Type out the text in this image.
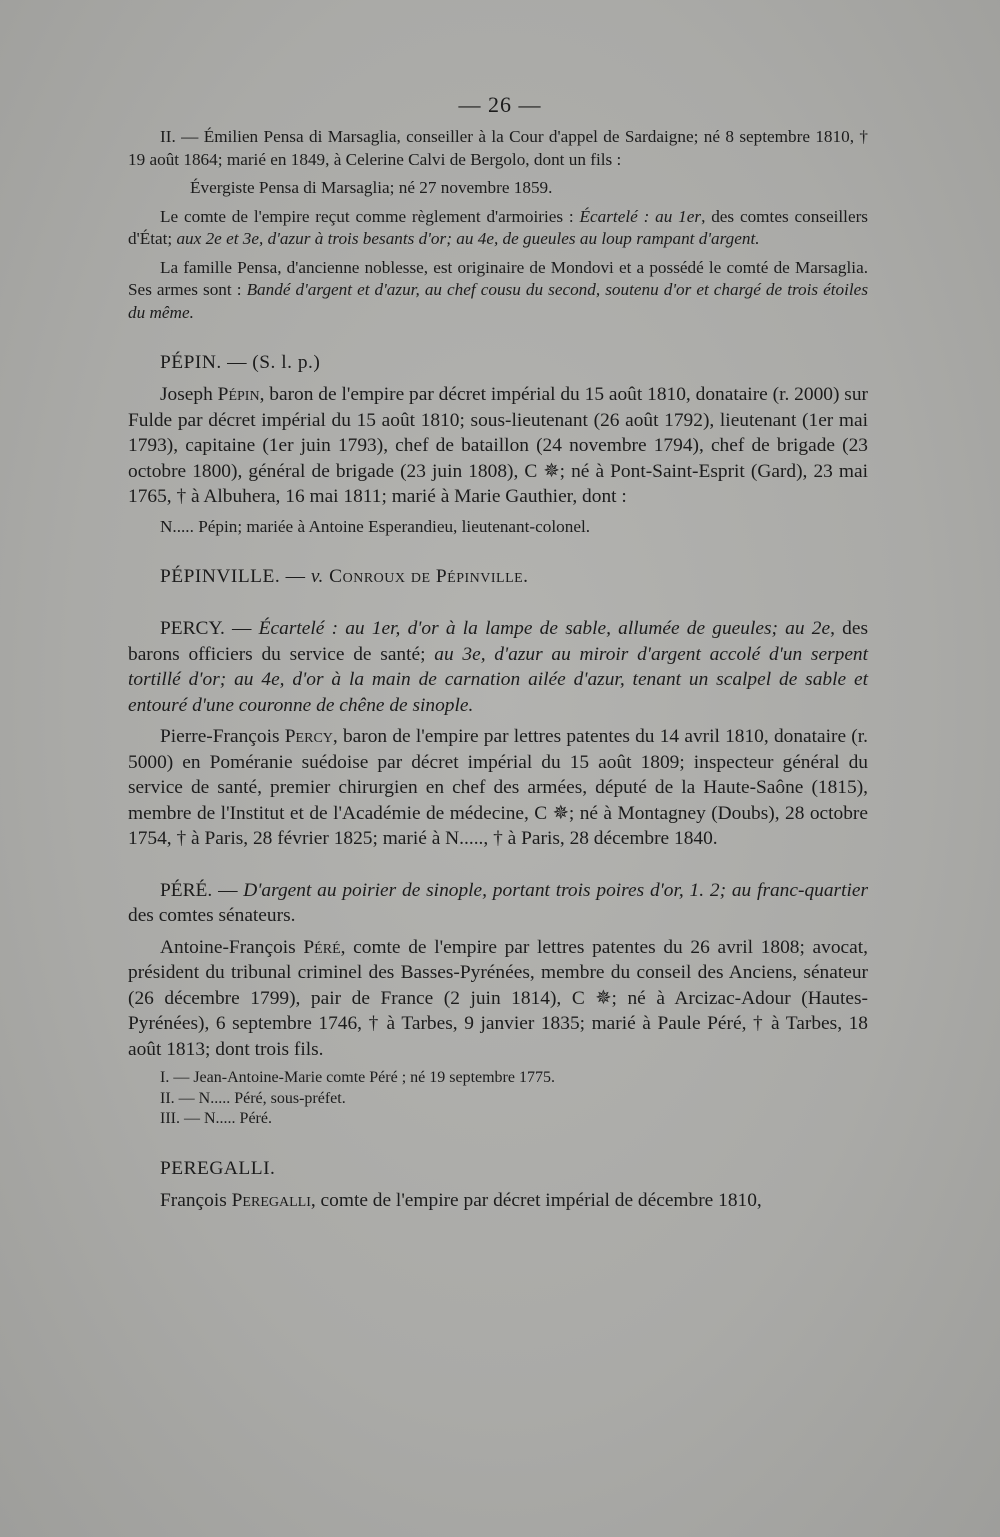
— 26 —

II. — Émilien Pensa di Marsaglia, conseiller à la Cour d'appel de Sardaigne; né 8 septembre 1810, † 19 août 1864; marié en 1849, à Celerine Calvi de Bergolo, dont un fils :

Évergiste Pensa di Marsaglia; né 27 novembre 1859.

Le comte de l'empire reçut comme règlement d'armoiries : Écartelé : au 1er, des comtes conseillers d'État; aux 2e et 3e, d'azur à trois besants d'or; au 4e, de gueules au loup rampant d'argent.

La famille Pensa, d'ancienne noblesse, est originaire de Mondovi et a possédé le comté de Marsaglia. Ses armes sont : Bandé d'argent et d'azur, au chef cousu du second, soutenu d'or et chargé de trois étoiles du même.

PÉPIN. — (S. l. p.)

Joseph Pépin, baron de l'empire par décret impérial du 15 août 1810, donataire (r. 2000) sur Fulde par décret impérial du 15 août 1810; sous-lieutenant (26 août 1792), lieutenant (1er mai 1793), capitaine (1er juin 1793), chef de bataillon (24 novembre 1794), chef de brigade (23 octobre 1800), général de brigade (23 juin 1808), C ✵; né à Pont-Saint-Esprit (Gard), 23 mai 1765, † à Albuhera, 16 mai 1811; marié à Marie Gauthier, dont :

N..... Pépin; mariée à Antoine Esperandieu, lieutenant-colonel.

PÉPINVILLE. — v. Conroux de Pépinville.

PERCY. — Écartelé : au 1er, d'or à la lampe de sable, allumée de gueules; au 2e, des barons officiers du service de santé; au 3e, d'azur au miroir d'argent accolé d'un serpent tortillé d'or; au 4e, d'or à la main de carnation ailée d'azur, tenant un scalpel de sable et entouré d'une couronne de chêne de sinople.

Pierre-François Percy, baron de l'empire par lettres patentes du 14 avril 1810, donataire (r. 5000) en Poméranie suédoise par décret impérial du 15 août 1809; inspecteur général du service de santé, premier chirurgien en chef des armées, député de la Haute-Saône (1815), membre de l'Institut et de l'Académie de médecine, C ✵; né à Montagney (Doubs), 28 octobre 1754, † à Paris, 28 février 1825; marié à N....., † à Paris, 28 décembre 1840.

PÉRÉ. — D'argent au poirier de sinople, portant trois poires d'or, 1. 2; au franc-quartier des comtes sénateurs.

Antoine-François Péré, comte de l'empire par lettres patentes du 26 avril 1808; avocat, président du tribunal criminel des Basses-Pyrénées, membre du conseil des Anciens, sénateur (26 décembre 1799), pair de France (2 juin 1814), C ✵; né à Arcizac-Adour (Hautes-Pyrénées), 6 septembre 1746, † à Tarbes, 9 janvier 1835; marié à Paule Péré, † à Tarbes, 18 août 1813; dont trois fils.

I. — Jean-Antoine-Marie comte Péré ; né 19 septembre 1775.
II. — N..... Péré, sous-préfet.
III. — N..... Péré.
PEREGALLI.

François Peregalli, comte de l'empire par décret impérial de décembre 1810,
